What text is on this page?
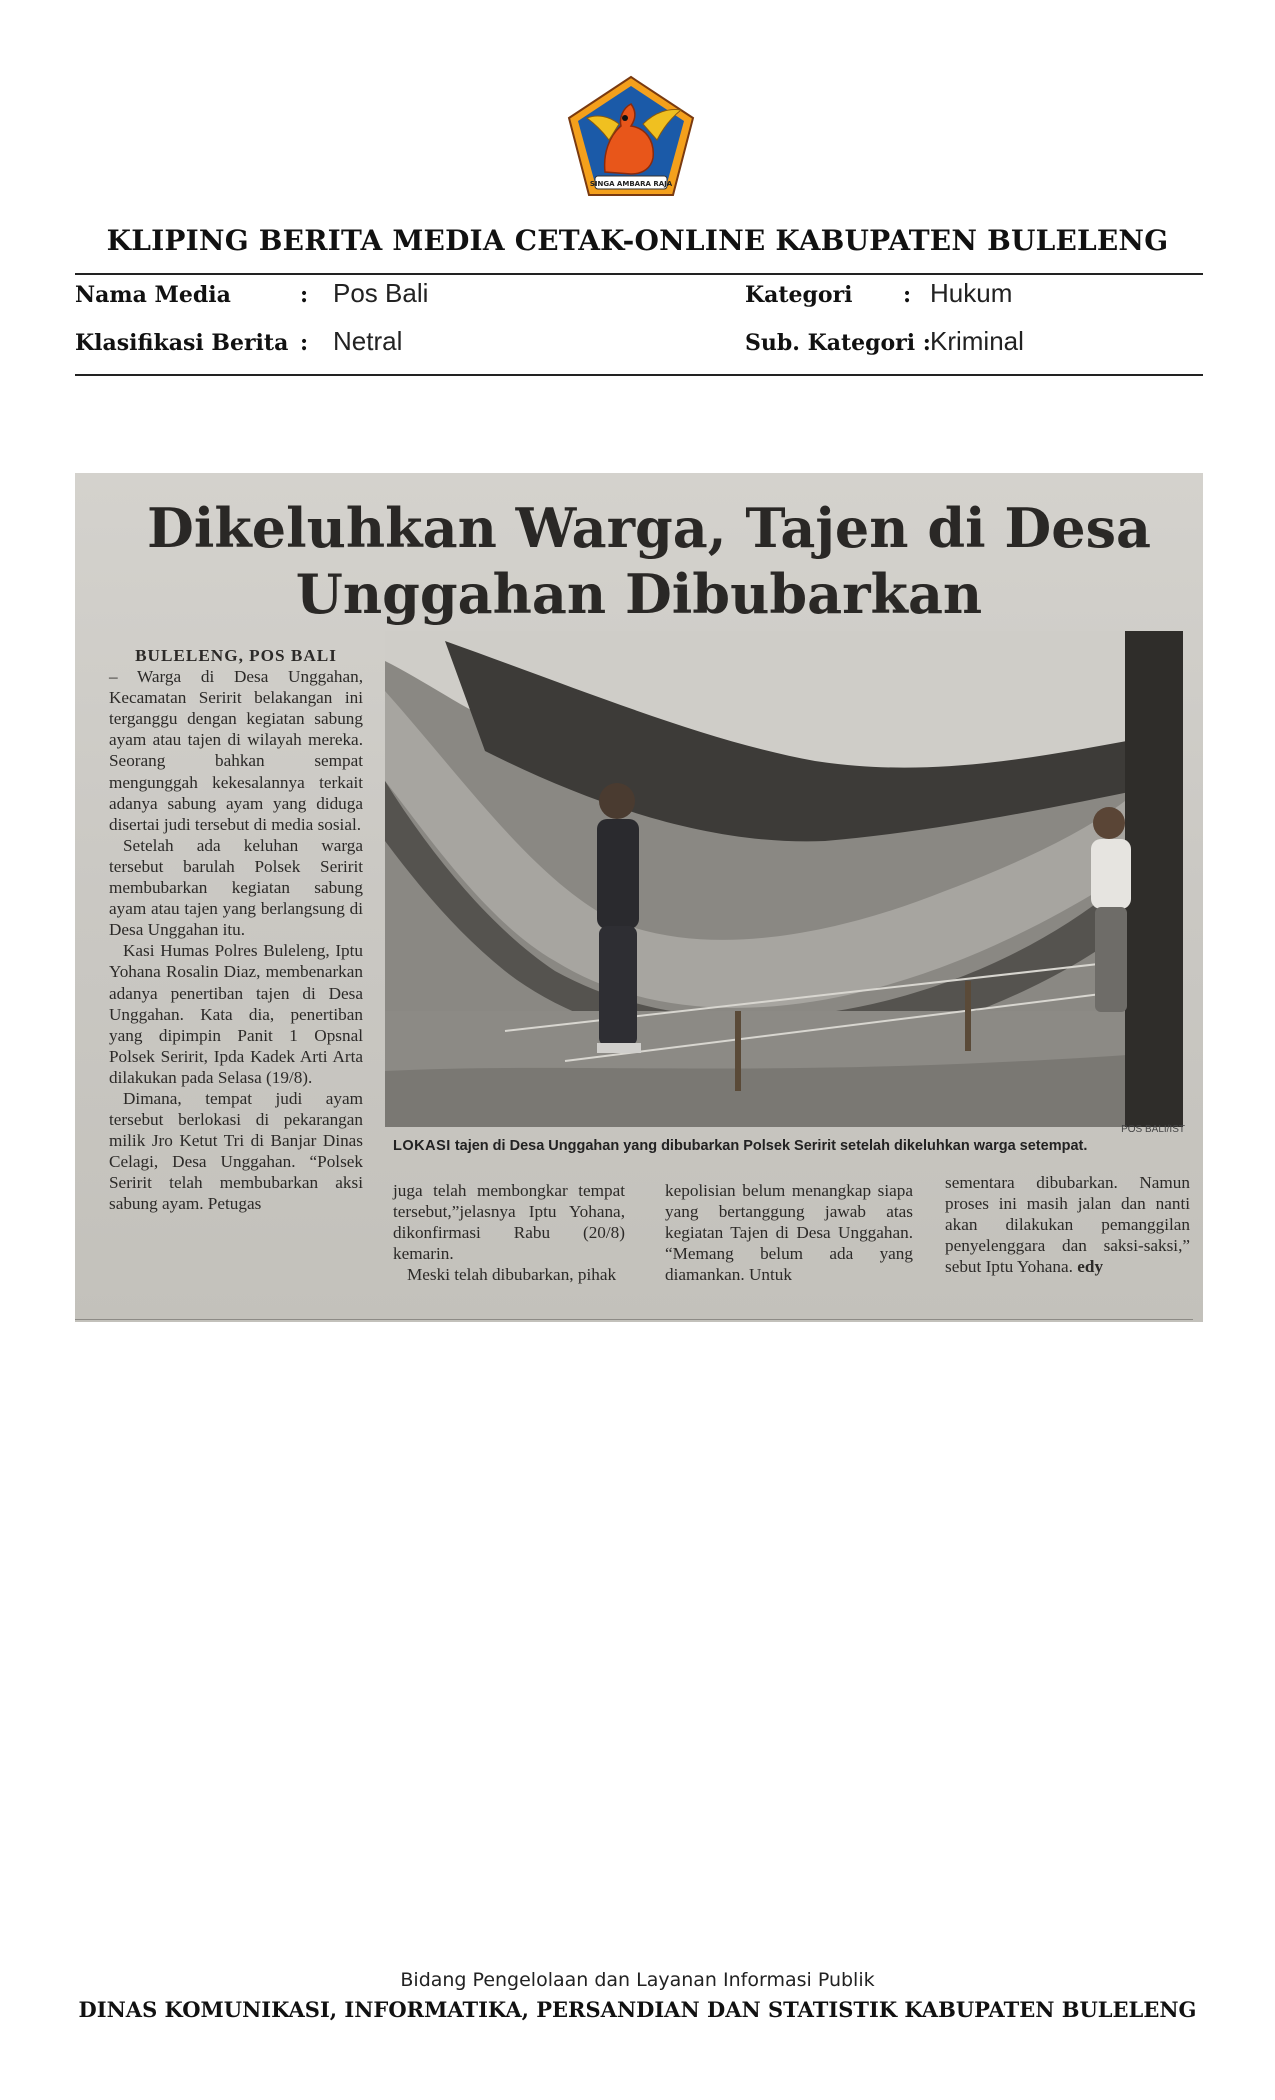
SINGA AMBARA RAJA
KLIPING BERITA MEDIA CETAK-ONLINE KABUPATEN BULELENG
Nama Media	: Pos Bali	Kategori : Hukum
Klasifikasi Berita : Netral	Sub. Kategori : Kriminal
Dikeluhkan Warga, Tajen di Desa
Unggahan Dibubarkan

BULELENG, POS BALI

– Warga di Desa Unggahan, Kecamatan Seririt belakangan ini terganggu dengan kegiatan sabung ayam atau tajen di wilayah mereka. Seorang bahkan sempat mengunggah kekesalannya terkait adanya sabung ayam yang diduga disertai judi tersebut di media sosial.

Setelah ada keluhan warga tersebut barulah Polsek Seririt membubarkan kegiatan sabung ayam atau tajen yang berlangsung di Desa Unggahan itu.

Kasi Humas Polres Buleleng, Iptu Yohana Rosalin Diaz, membenarkan adanya penertiban tajen di Desa Unggahan. Kata dia, penertiban yang dipimpin Panit 1 Opsnal Polsek Seririt, Ipda Kadek Arti Arta dilakukan pada Selasa (19/8).

Dimana, tempat judi ayam tersebut berlokasi di pekarangan milik Jro Ketut Tri di Banjar Dinas Celagi, Desa Unggahan. “Polsek Seririt telah membubarkan aksi sabung ayam. Petugas

POS BALI/IST
LOKASI tajen di Desa Unggahan yang dibubarkan Polsek Seririt setelah dikeluhkan warga setempat.

juga telah membongkar tempat tersebut,”jelasnya Iptu Yohana, dikonfirmasi Rabu (20/8) kemarin.

Meski telah dibubarkan, pihak

kepolisian belum menangkap siapa yang bertanggung jawab atas kegiatan Tajen di Desa Unggahan. “Memang belum ada yang diamankan. Untuk

sementara dibubarkan. Namun proses ini masih jalan dan nanti akan dilakukan pemanggilan penyelenggara dan saksi-saksi,” sebut Iptu Yohana. edy

Bidang Pengelolaan dan Layanan Informasi Publik
DINAS KOMUNIKASI, INFORMATIKA, PERSANDIAN DAN STATISTIK KABUPATEN BULELENG
